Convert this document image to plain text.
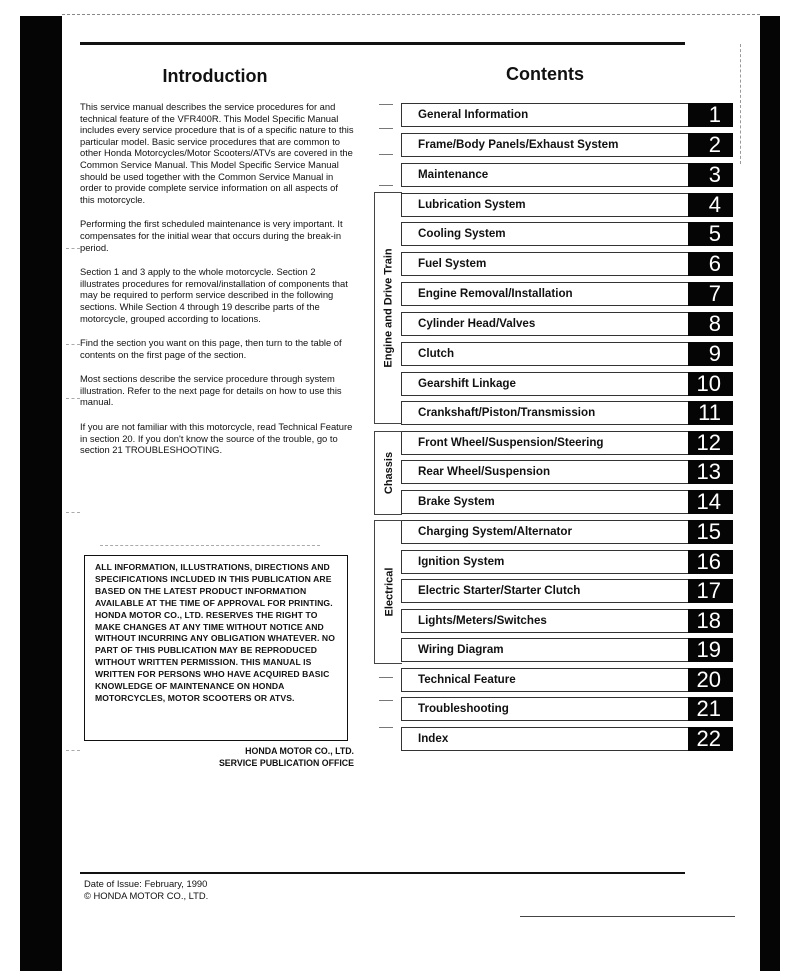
Introduction	Contents

This service manual describes the service procedures for and technical feature of the VFR400R. This Model Specific Manual includes every service procedure that is of a specific nature to this particular model. Basic service procedures that are common to other Honda Motorcycles/Motor Scooters/ATVs are covered in the Common Service Manual. This Model Specific Service Manual should be used together with the Common Service Manual in order to provide complete service information on all aspects of this motorcycle.

Performing the first scheduled maintenance is very important. It compensates for the initial wear that occurs during the break-in period.

Section 1 and 3 apply to the whole motorcycle. Section 2 illustrates procedures for removal/installation of components that may be required to perform service described in the following sections. While Section 4 through 19 describe parts of the motorcycle, grouped according to locations.

Find the section you want on this page, then turn to the table of contents on the first page of the section.

Most sections describe the service procedure through system illustration. Refer to the next page for details on how to use this manual.

If you are not familiar with this motorcycle, read Technical Feature in section 20. If you don't know the source of the trouble, go to section 21 TROUBLESHOOTING.

ALL INFORMATION, ILLUSTRATIONS, DIRECTIONS AND SPECIFICATIONS INCLUDED IN THIS PUBLICATION ARE BASED ON THE LATEST PRODUCT INFORMATION AVAILABLE AT THE TIME OF APPROVAL FOR PRINTING. HONDA MOTOR CO., LTD. RESERVES THE RIGHT TO MAKE CHANGES AT ANY TIME WITHOUT NOTICE AND WITHOUT INCURRING ANY OBLIGATION WHATEVER. NO PART OF THIS PUBLICATION MAY BE REPRODUCED WITHOUT WRITTEN PERMISSION. THIS MANUAL IS WRITTEN FOR PERSONS WHO HAVE ACQUIRED BASIC KNOWLEDGE OF MAINTENANCE ON HONDA MOTORCYCLES, MOTOR SCOOTERS OR ATVS.
HONDA MOTOR CO., LTD.
SERVICE PUBLICATION OFFICE
General Information	1
Frame/Body Panels/Exhaust System	2
Maintenance	3
Lubrication System	4
Cooling System	5
Fuel System	6
Engine Removal/Installation	7
Cylinder Head/Valves	8
Clutch	9
Gearshift Linkage	10
Crankshaft/Piston/Transmission	11
Front Wheel/Suspension/Steering	12
Rear Wheel/Suspension	13
Brake System	14
Charging System/Alternator	15
Ignition System	16
Electric Starter/Starter Clutch	17
Lights/Meters/Switches	18
Wiring Diagram	19
Technical Feature	20
Troubleshooting	21
Index	22
Engine and Drive Train
Chassis
Electrical
Date of Issue: February, 1990
© HONDA MOTOR CO., LTD.
